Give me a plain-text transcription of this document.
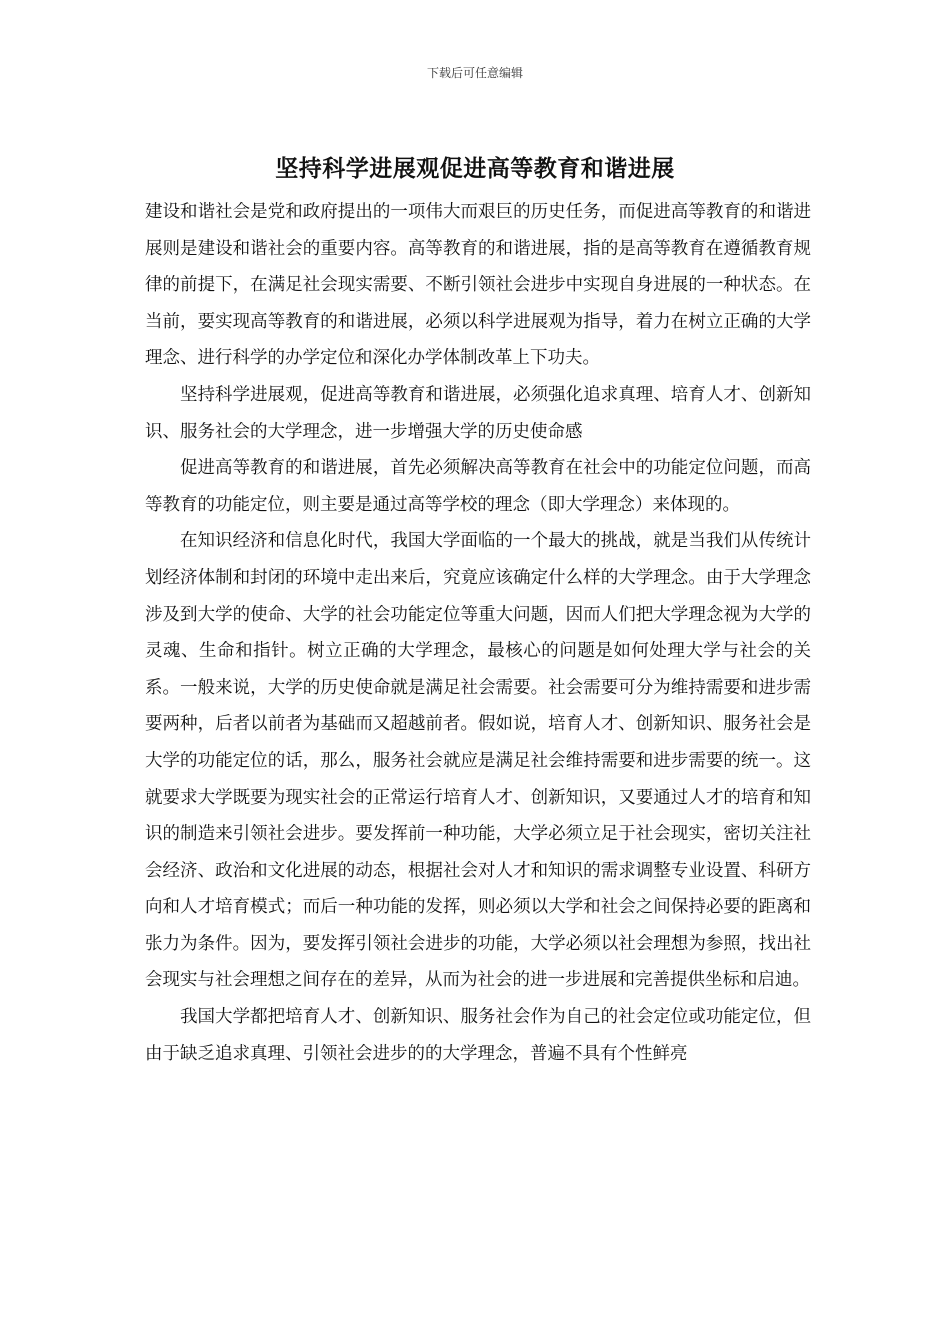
下载后可任意编辑
坚持科学进展观促进高等教育和谐进展

建设和谐社会是党和政府提出的一项伟大而艰巨的历史任务，而促进高等教育的和谐进展则是建设和谐社会的重要内容。高等教育的和谐进展，指的是高等教育在遵循教育规律的前提下，在满足社会现实需要、不断引领社会进步中实现自身进展的一种状态。在当前，要实现高等教育的和谐进展，必须以科学进展观为指导，着力在树立正确的大学理念、进行科学的办学定位和深化办学体制改革上下功夫。

坚持科学进展观，促进高等教育和谐进展，必须强化追求真理、培育人才、创新知识、服务社会的大学理念，进一步增强大学的历史使命感

促进高等教育的和谐进展，首先必须解决高等教育在社会中的功能定位问题，而高等教育的功能定位，则主要是通过高等学校的理念（即大学理念）来体现的。

在知识经济和信息化时代，我国大学面临的一个最大的挑战，就是当我们从传统计划经济体制和封闭的环境中走出来后，究竟应该确定什么样的大学理念。由于大学理念涉及到大学的使命、大学的社会功能定位等重大问题，因而人们把大学理念视为大学的灵魂、生命和指针。树立正确的大学理念，最核心的问题是如何处理大学与社会的关系。一般来说，大学的历史使命就是满足社会需要。社会需要可分为维持需要和进步需要两种，后者以前者为基础而又超越前者。假如说，培育人才、创新知识、服务社会是大学的功能定位的话，那么，服务社会就应是满足社会维持需要和进步需要的统一。这就要求大学既要为现实社会的正常运行培育人才、创新知识，又要通过人才的培育和知识的制造来引领社会进步。要发挥前一种功能，大学必须立足于社会现实，密切关注社会经济、政治和文化进展的动态，根据社会对人才和知识的需求调整专业设置、科研方向和人才培育模式；而后一种功能的发挥，则必须以大学和社会之间保持必要的距离和张力为条件。因为，要发挥引领社会进步的功能，大学必须以社会理想为参照，找出社会现实与社会理想之间存在的差异，从而为社会的进一步进展和完善提供坐标和启迪。

我国大学都把培育人才、创新知识、服务社会作为自己的社会定位或功能定位，但由于缺乏追求真理、引领社会进步的的大学理念，普遍不具有个性鲜亮
